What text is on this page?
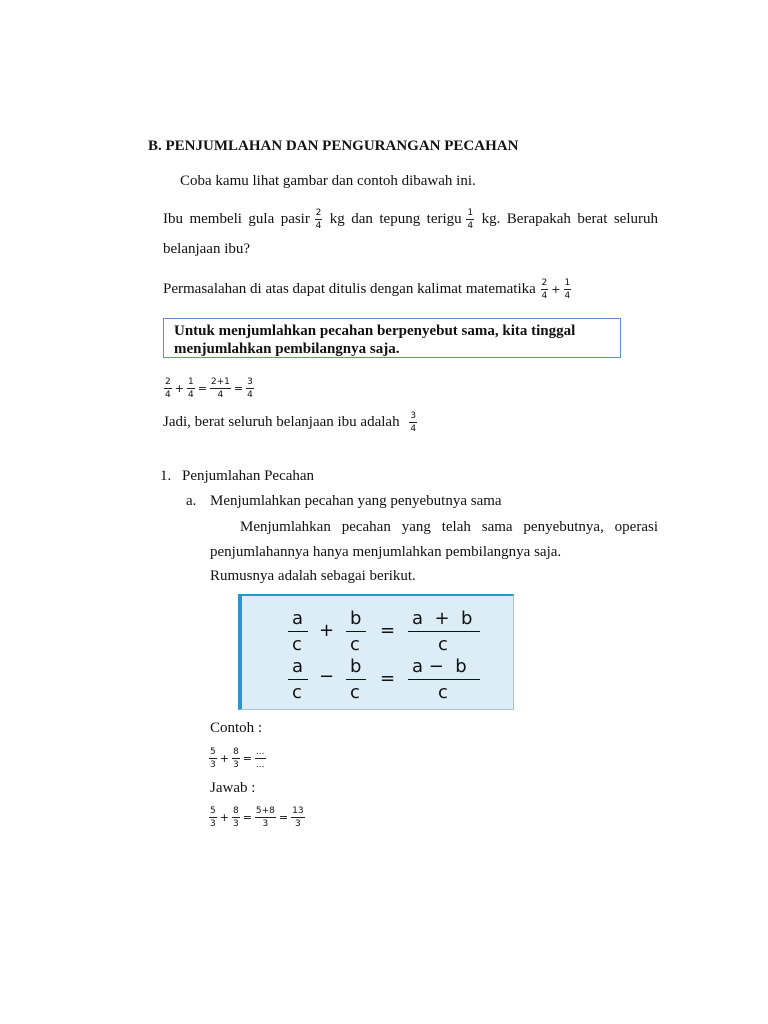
B. PENJUMLAHAN DAN PENGURANGAN PECAHAN
Coba kamu lihat gambar dan contoh dibawah ini.
Ibu membeli gula pasir $\frac{2}{4}$ kg dan tepung terigu $\frac{1}{4}$ kg. Berapakah berat seluruh
belanjaan ibu?
Permasalahan di atas dapat ditulis dengan kalimat matematika $\frac{2}{4} + \frac{1}{4}$
Untuk menjumlahkan pecahan berpenyebut sama, kita tinggal
menjumlahkan pembilangnya saja.
$\frac{2}{4} + \frac{1}{4} = \frac{2+1}{4} = \frac{3}{4}$
Jadi, berat seluruh belanjaan ibu adalah $\frac{3}{4}$
1. Penjumlahan Pecahan
a. Menjumlahkan pecahan yang penyebutnya sama
Menjumlahkan pecahan yang telah sama penyebutnya, operasi
penjumlahannya hanya menjumlahkan pembilangnya saja.
Rumusnya adalah sebagai berikut.
a
c
+
b
c
=
a  +  b
c
a
c
− b
c
=
a −  b
c
Contoh :
$\frac{5}{3} + \frac{8}{3} = \frac{...}{...}$
Jawab :
$\frac{5}{3} + \frac{8}{3} = \frac{5+8}{3} = \frac{13}{3}$
